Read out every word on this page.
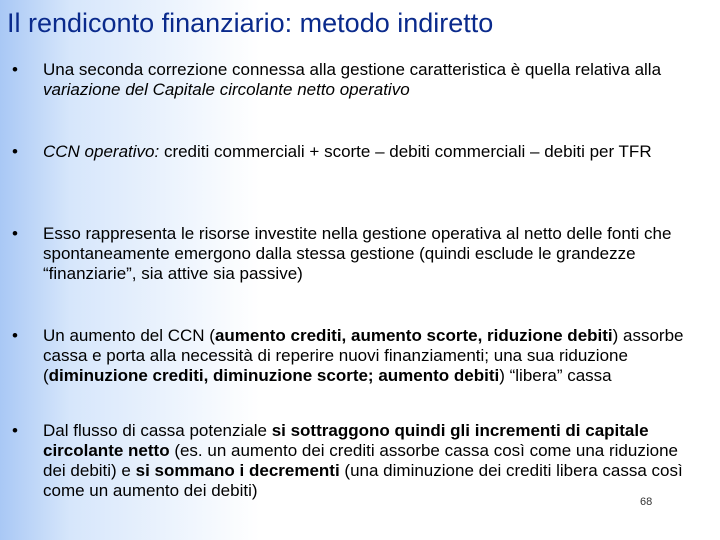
Il rendiconto finanziario: metodo indiretto
• Una seconda correzione connessa alla gestione caratteristica è quella relativa alla variazione del Capitale circolante netto operativo
• CCN operativo: crediti commerciali + scorte – debiti commerciali – debiti per TFR
• Esso rappresenta le risorse investite nella gestione operativa al netto delle fonti che spontaneamente emergono dalla stessa gestione (quindi esclude le grandezze “finanziarie”, sia attive sia passive)
• Un aumento del CCN (aumento crediti, aumento scorte, riduzione debiti) assorbe cassa e porta alla necessità di reperire nuovi finanziamenti; una sua riduzione (diminuzione crediti, diminuzione scorte; aumento debiti) “libera” cassa
• Dal flusso di cassa potenziale si sottraggono quindi gli incrementi di capitale circolante netto (es. un aumento dei crediti assorbe cassa così come una riduzione dei debiti) e si sommano i decrementi (una diminuzione dei crediti libera cassa così come un aumento dei debiti)
68
